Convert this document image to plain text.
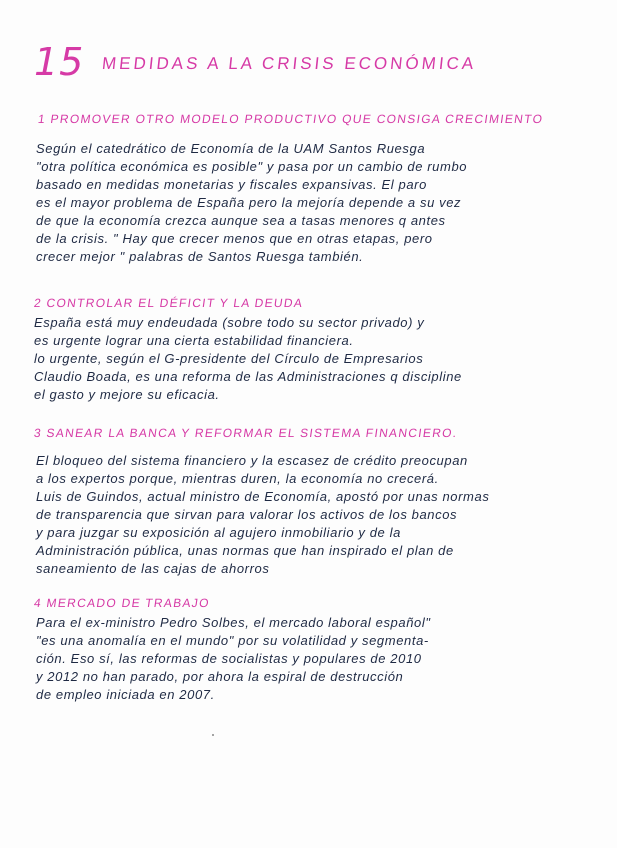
15 MEDIDAS A LA CRISIS ECONÓMICA
1 PROMOVER OTRO MODELO PRODUCTIVO QUE CONSIGA CRECIMIENTO
Según el catedrático de Economía de la UAM Santos Ruesga
"otra política económica es posible" y pasa por un cambio de rumbo
basado en medidas monetarias y fiscales expansivas. El paro
es el mayor problema de España pero la mejoría depende a su vez
de que la economía crezca aunque sea a tasas menores q antes
de la crisis. " Hay que crecer menos que en otras etapas, pero
crecer mejor " palabras de Santos Ruesga también.
2 CONTROLAR EL DÉFICIT Y LA DEUDA
España está muy endeudada (sobre todo su sector privado) y
es urgente lograr una cierta estabilidad financiera.
lo urgente, según el G-presidente del Círculo de Empresarios
Claudio Boada, es una reforma de las Administraciones q discipline
el gasto y mejore su eficacia.
3 SANEAR LA BANCA Y REFORMAR EL SISTEMA FINANCIERO.
El bloqueo del sistema financiero y la escasez de crédito preocupan
a los expertos porque, mientras duren, la economía no crecerá.
Luis de Guindos, actual ministro de Economía, apostó por unas normas
de transparencia que sirvan para valorar los activos de los bancos
y para juzgar su exposición al agujero inmobiliario y de la
Administración pública, unas normas que han inspirado el plan de
saneamiento de las cajas de ahorros
4 MERCADO DE TRABAJO
Para el ex-ministro Pedro Solbes, el mercado laboral español"
"es una anomalía en el mundo" por su volatilidad y segmenta-
ción. Eso sí, las reformas de socialistas y populares de 2010
y 2012 no han parado, por ahora la espiral de destrucción
de empleo iniciada en 2007.
